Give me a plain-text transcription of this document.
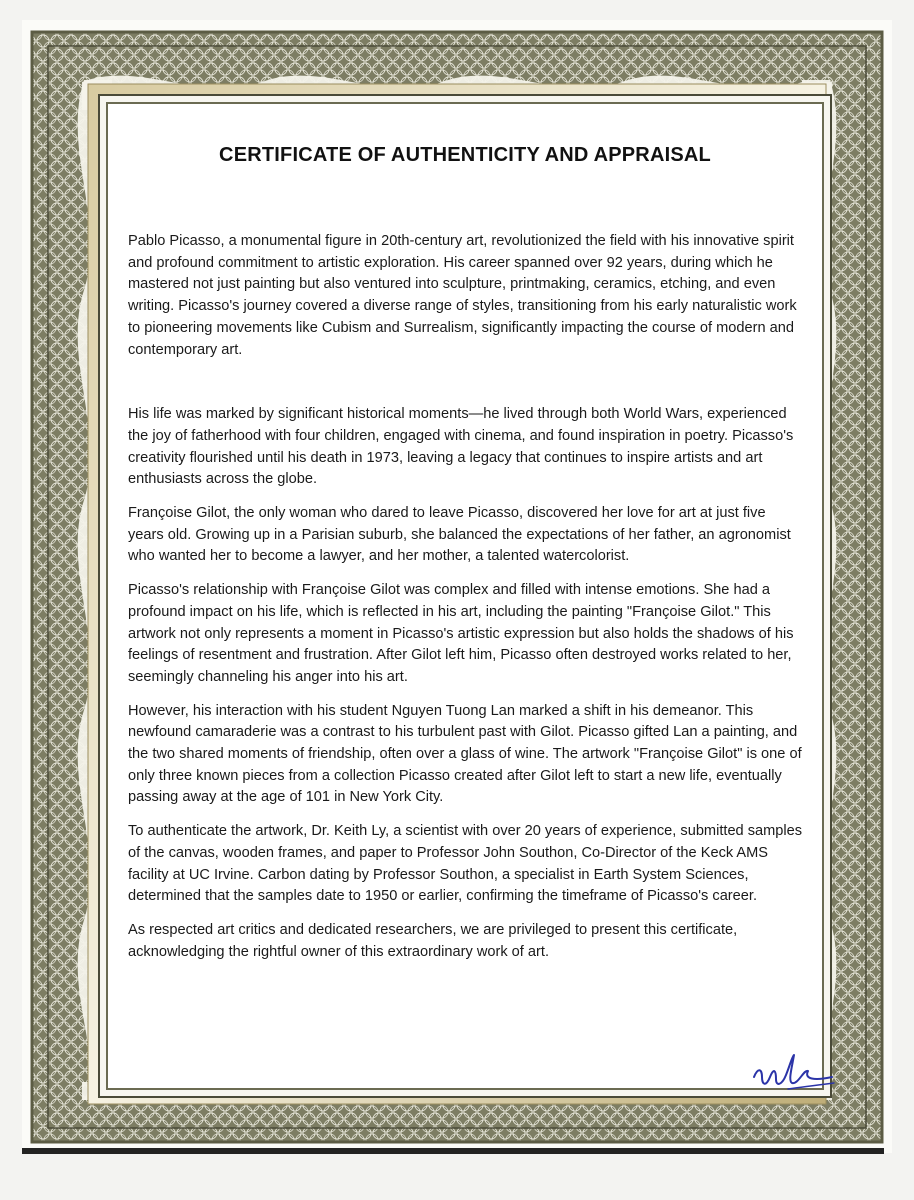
CERTIFICATE OF AUTHENTICITY AND APPRAISAL

Pablo Picasso, a monumental figure in 20th-century art, revolutionized the field with his innovative spirit and profound commitment to artistic exploration. His career spanned over 92 years, during which he mastered not just painting but also ventured into sculpture, printmaking, ceramics, etching, and even writing. Picasso's journey covered a diverse range of styles, transitioning from his early naturalistic work to pioneering movements like Cubism and Surrealism, significantly impacting the course of modern and contemporary art.

His life was marked by significant historical moments—he lived through both World Wars, experienced the joy of fatherhood with four children, engaged with cinema, and found inspiration in poetry. Picasso's creativity flourished until his death in 1973, leaving a legacy that continues to inspire artists and art enthusiasts across the globe.

Françoise Gilot, the only woman who dared to leave Picasso, discovered her love for art at just five years old. Growing up in a Parisian suburb, she balanced the expectations of her father, an agronomist who wanted her to become a lawyer, and her mother, a talented watercolorist.

Picasso's relationship with Françoise Gilot was complex and filled with intense emotions. She had a profound impact on his life, which is reflected in his art, including the painting "Françoise Gilot." This artwork not only represents a moment in Picasso's artistic expression but also holds the shadows of his feelings of resentment and frustration. After Gilot left him, Picasso often destroyed works related to her, seemingly channeling his anger into his art.

However, his interaction with his student Nguyen Tuong Lan marked a shift in his demeanor. This newfound camaraderie was a contrast to his turbulent past with Gilot. Picasso gifted Lan a painting, and the two shared moments of friendship, often over a glass of wine. The artwork "Françoise Gilot" is one of only three known pieces from a collection Picasso created after Gilot left to start a new life, eventually passing away at the age of 101 in New York City.

To authenticate the artwork, Dr. Keith Ly, a scientist with over 20 years of experience, submitted samples of the canvas, wooden frames, and paper to Professor John Southon, Co-Director of the Keck AMS facility at UC Irvine. Carbon dating by Professor Southon, a specialist in Earth System Sciences, determined that the samples date to 1950 or earlier, confirming the timeframe of Picasso's career.

As respected art critics and dedicated researchers, we are privileged to present this certificate, acknowledging the rightful owner of this extraordinary work of art.
